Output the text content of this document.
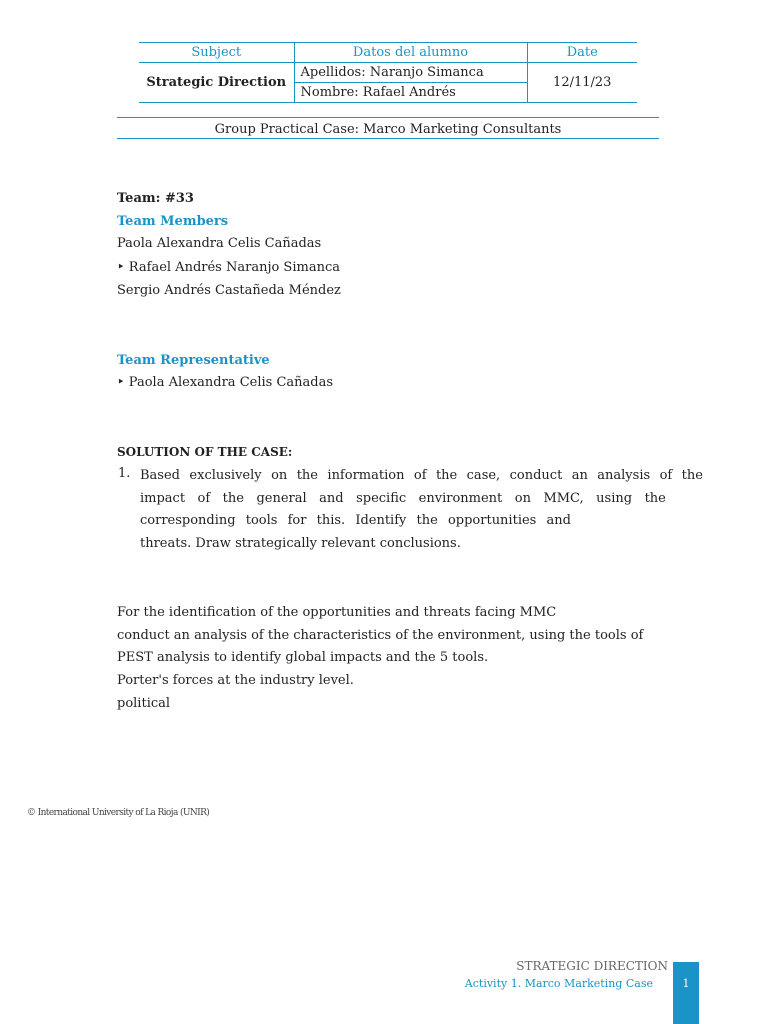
Subject	Datos del alumno	Date
Strategic Direction	Apellidos: Naranjo Simanca	12/11/23
	Nombre: Rafael Andrés	
Group Practical Case: Marco Marketing Consultants
Team: #33
Team Members
Paola Alexandra Celis Cañadas
‣ Rafael Andrés Naranjo Simanca
Sergio Andrés Castañeda Méndez
Team Representative
‣ Paola Alexandra Celis Cañadas
SOLUTION OF THE CASE:
1. Based exclusively on the information of the case, conduct an analysis of the
impact of the general and specific environment on MMC, using the
corresponding tools for this. Identify the opportunities and
threats. Draw strategically relevant conclusions.
For the identification of the opportunities and threats facing MMC
conduct an analysis of the characteristics of the environment, using the tools of
PEST analysis to identify global impacts and the 5 tools.
Porter's forces at the industry level.
political
© International University of La Rioja (UNIR)
STRATEGIC DIRECTION
Activity 1. Marco Marketing Case	1
